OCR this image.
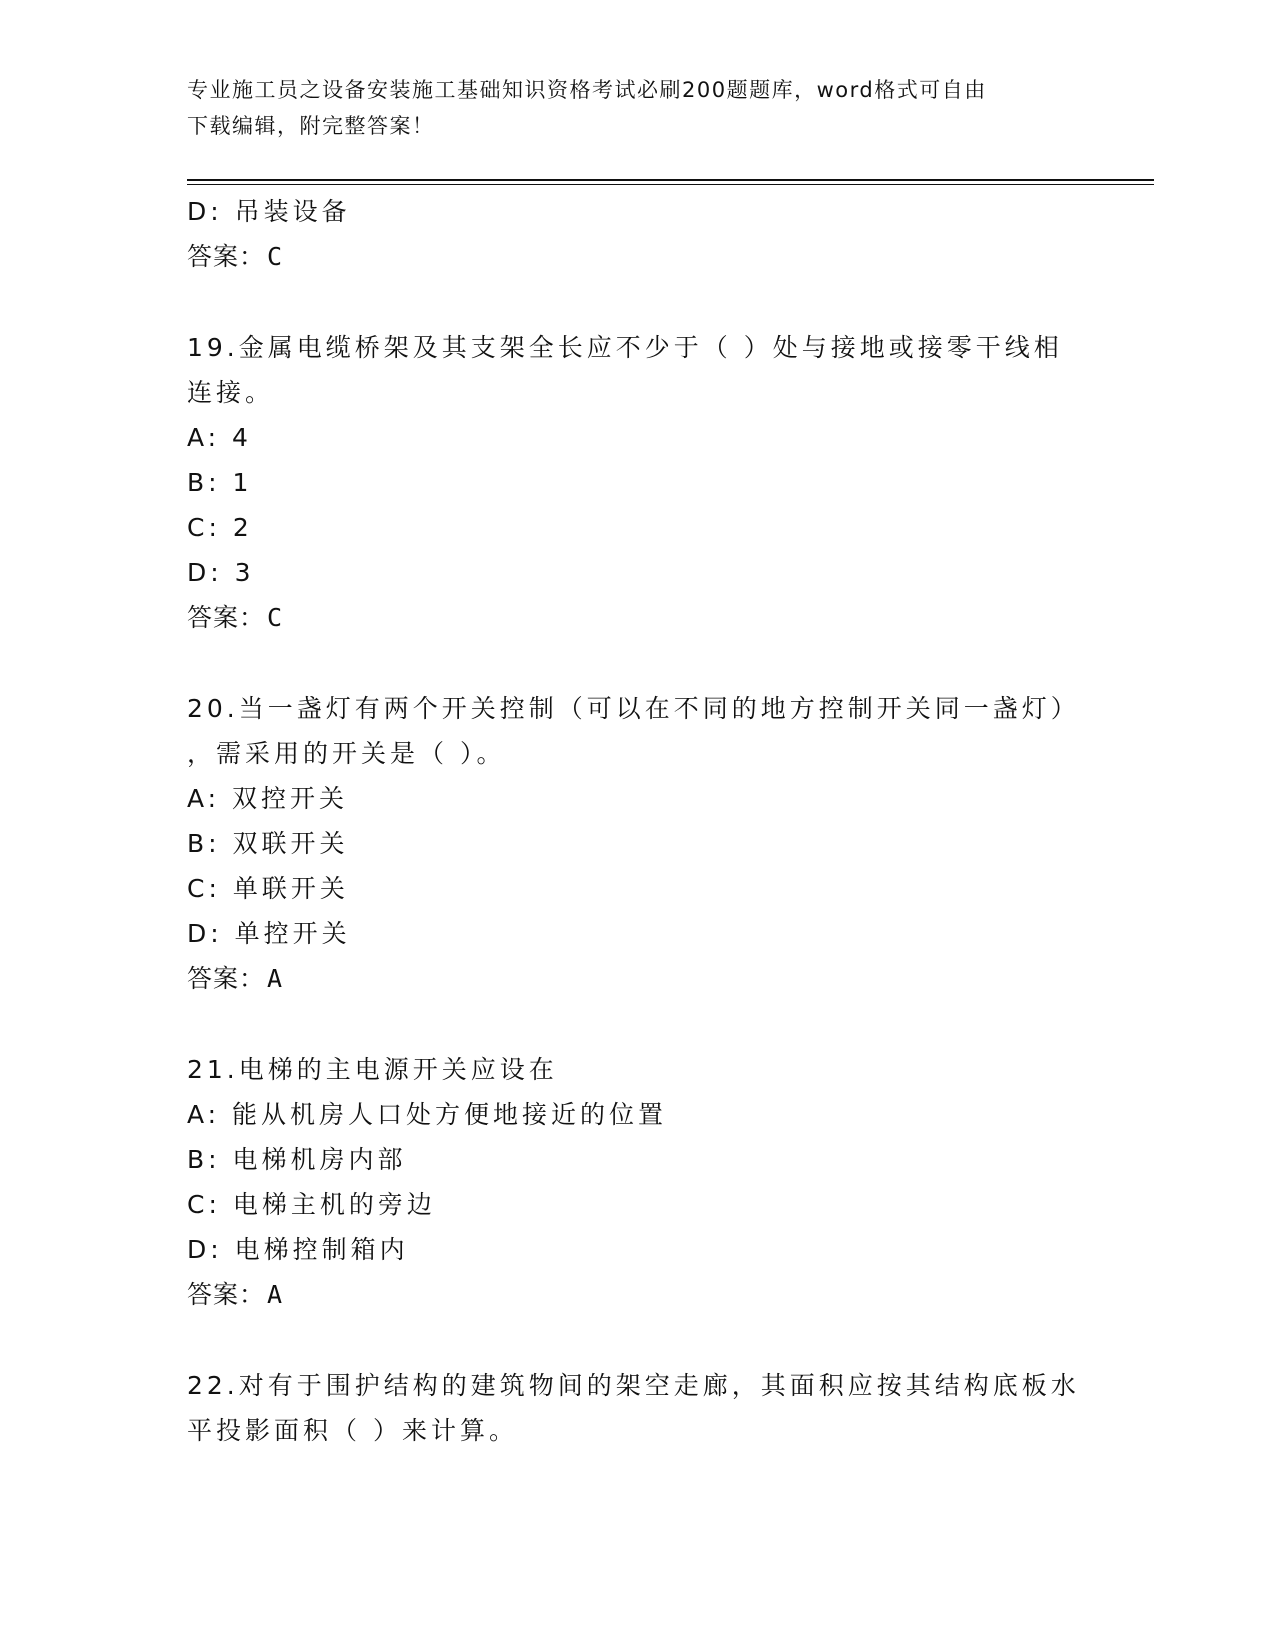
专业施工员之设备安装施工基础知识资格考试必刷200题题库，word格式可自由
下载编辑，附完整答案！
D: 吊装设备
答案：C
19.金属电缆桥架及其支架全长应不少于（ ）处与接地或接零干线相
连接。
A: 4
B: 1
C: 2
D: 3
答案：C
20.当一盏灯有两个开关控制（可以在不同的地方控制开关同一盏灯）
，需采用的开关是（ ）。
A: 双控开关
B: 双联开关
C: 单联开关
D: 单控开关
答案：A
21.电梯的主电源开关应设在
A: 能从机房人口处方便地接近的位置
B: 电梯机房内部
C: 电梯主机的旁边
D: 电梯控制箱内
答案：A
22.对有于围护结构的建筑物间的架空走廊，其面积应按其结构底板水
平投影面积（ ）来计算。
